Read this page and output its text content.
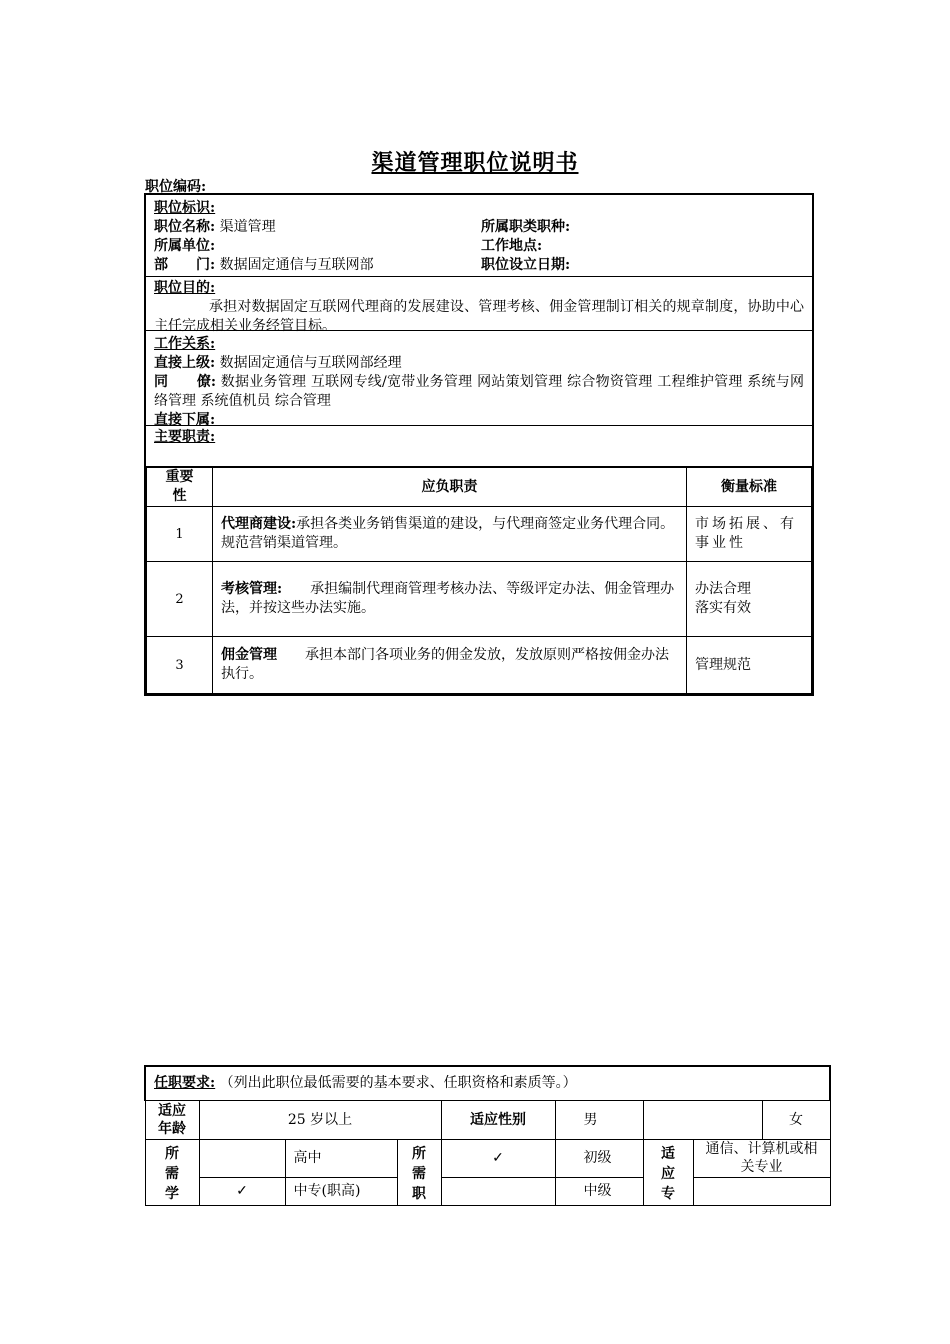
渠道管理职位说明书
职位编码:
职位标识:
职位名称: 渠道管理	所属职类职种:
所属单位:	工作地点:
部　　门: 数据固定通信与互联网部	职位设立日期:
职位目的:
承担对数据固定互联网代理商的发展建设、管理考核、佣金管理制订相关的规章制度，协助中心主任完成相关业务经管目标。
工作关系:
直接上级: 数据固定通信与互联网部经理
同　　僚: 数据业务管理 互联网专线/宽带业务管理 网站策划管理 综合物资管理 工程维护管理 系统与网络管理 系统值机员 综合管理
直接下属:
主要职责:
重要性	应负职责	衡量标准
1	代理商建设:承担各类业务销售渠道的建设，与代理商签定业务代理合同。规范营销渠道管理。	市场拓展、有事业性
2	考核管理:　　承担编制代理商管理考核办法、等级评定办法、佣金管理办法，并按这些办法实施。	办法合理
落实有效
3	佣金管理　　承担本部门各项业务的佣金发放，发放原则严格按佣金办法执行。	管理规范
任职要求: （列出此职位最低需要的基本要求、任职资格和素质等。）									
适应年龄	25 岁以上			适应性别	男			女	
所需学		高中	所需职	✓	初级	适应专	通信、计算机或相关专业		
	✓	中专(职高)			中级				
